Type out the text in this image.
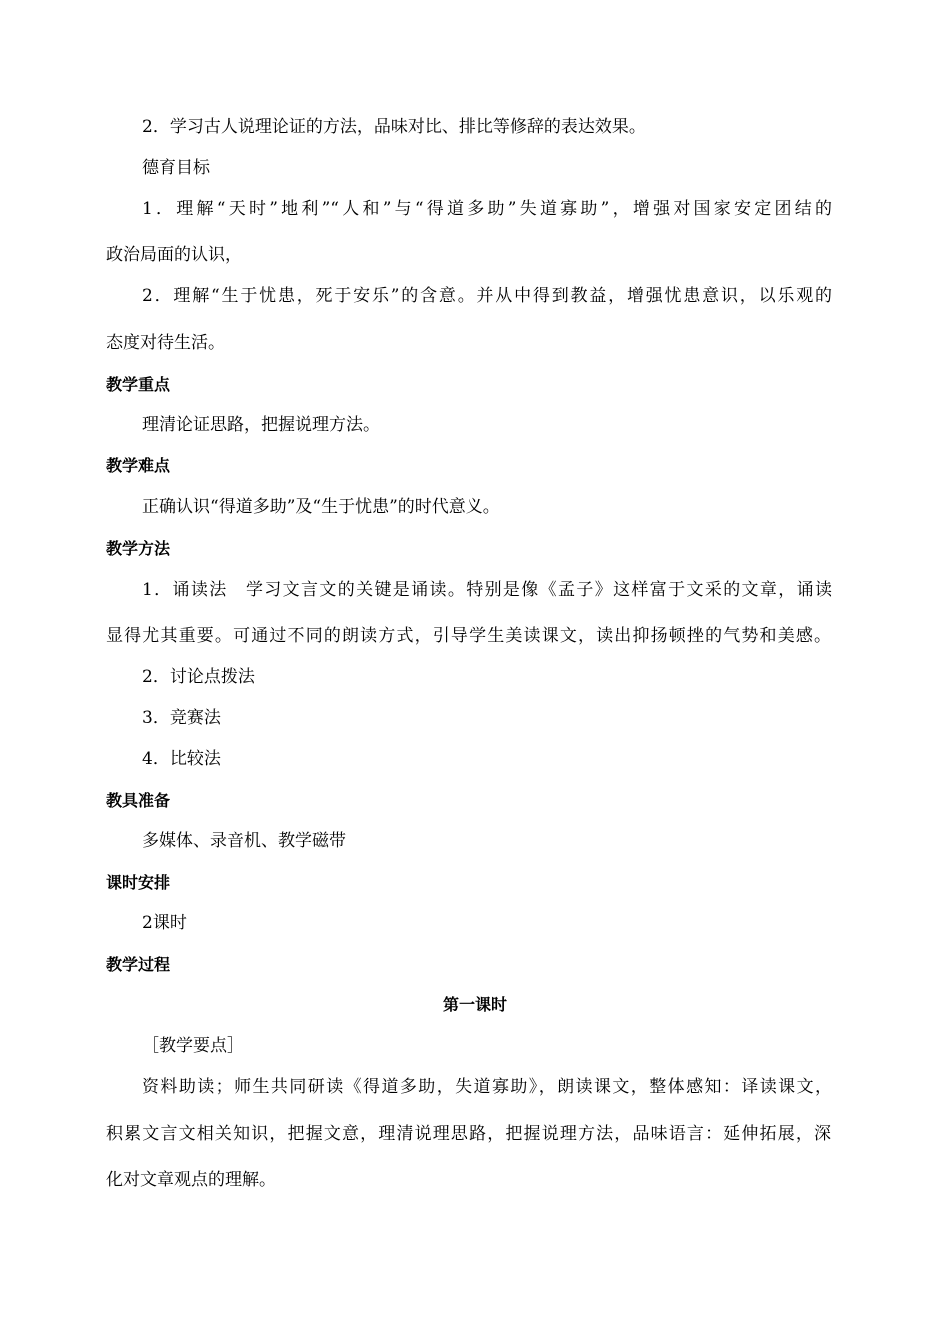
2．学习古人说理论证的方法，品味对比、排比等修辞的表达效果。
德育目标
1．理解“天时”地利”“人和”与“得道多助”失道寡助”，增强对国家安定团结的
政治局面的认识，
2．理解“生于忧患，死于安乐”的含意。并从中得到教益，增强忧患意识，以乐观的
态度对待生活。
教学重点
理清论证思路，把握说理方法。
教学难点
正确认识“得道多助”及“生于忧患”的时代意义。
教学方法
1．诵读法　学习文言文的关键是诵读。特别是像《孟子》这样富于文采的文章，诵读
显得尤其重要。可通过不同的朗读方式，引导学生美读课文，读出抑扬顿挫的气势和美感。
2．讨论点拨法
3．竞赛法
4．比较法
教具准备
多媒体、录音机、教学磁带
课时安排
2课时
教学过程
第一课时
［教学要点］
资料助读；师生共同研读《得道多助，失道寡助》，朗读课文，整体感知：译读课文，
积累文言文相关知识，把握文意，理清说理思路，把握说理方法，品味语言：延伸拓展，深
化对文章观点的理解。
